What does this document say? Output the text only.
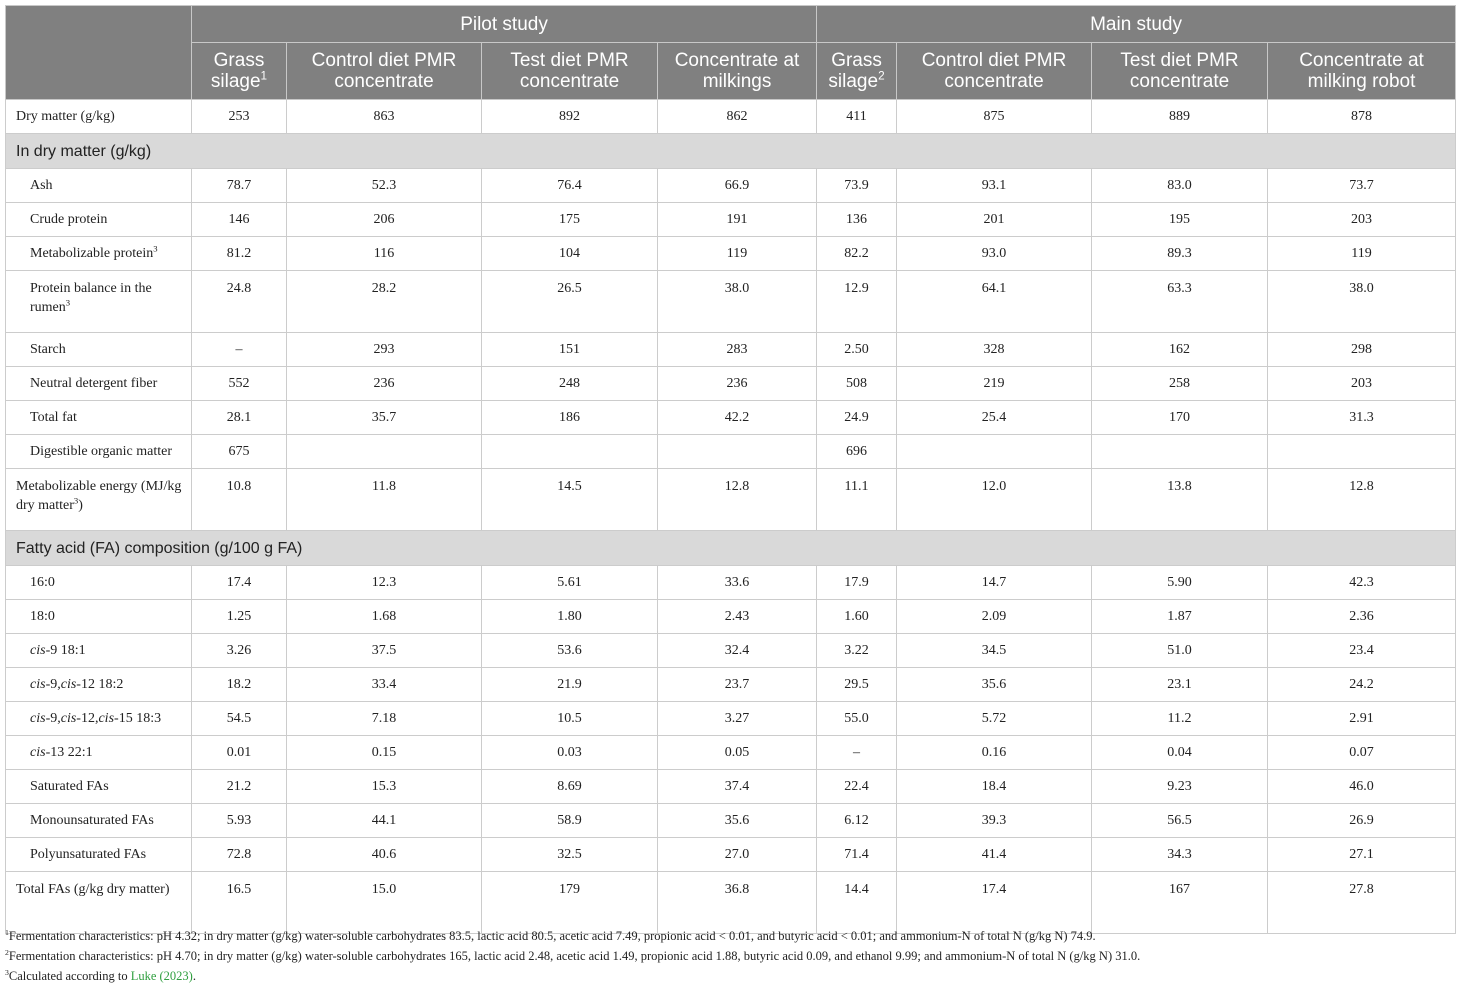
	Pilot study				Main study			
	Grass silage$^1$	Control diet PMR concentrate	Test diet PMR concentrate	Concentrate at milkings	Grass silage$^2$	Control diet PMR concentrate	Test diet PMR concentrate	Concentrate at milking robot
Dry matter (g/kg)	253	863	892	862	411	875	889	878
In dry matter (g/kg)								
Ash	78.7	52.3	76.4	66.9	73.9	93.1	83.0	73.7
Crude protein	146	206	175	191	136	201	195	203
Metabolizable protein$^3$	81.2	116	104	119	82.2	93.0	89.3	119
Protein balance in the rumen$^3$	24.8	28.2	26.5	38.0	12.9	64.1	63.3	38.0
Starch	–	293	151	283	2.50	328	162	298
Neutral detergent fiber	552	236	248	236	508	219	258	203
Total fat	28.1	35.7	186	42.2	24.9	25.4	170	31.3
Digestible organic matter	675				696			
Metabolizable energy (MJ/kg dry matter$^3$)	10.8	11.8	14.5	12.8	11.1	12.0	13.8	12.8
Fatty acid (FA) composition (g/100 g FA)								
16:0	17.4	12.3	5.61	33.6	17.9	14.7	5.90	42.3
18:0	1.25	1.68	1.80	2.43	1.60	2.09	1.87	2.36
cis-9 18:1	3.26	37.5	53.6	32.4	3.22	34.5	51.0	23.4
cis-9,cis-12 18:2	18.2	33.4	21.9	23.7	29.5	35.6	23.1	24.2
cis-9,cis-12,cis-15 18:3	54.5	7.18	10.5	3.27	55.0	5.72	11.2	2.91
cis-13 22:1	0.01	0.15	0.03	0.05	–	0.16	0.04	0.07
Saturated FAs	21.2	15.3	8.69	37.4	22.4	18.4	9.23	46.0
Monounsaturated FAs	5.93	44.1	58.9	35.6	6.12	39.3	56.5	26.9
Polyunsaturated FAs	72.8	40.6	32.5	27.0	71.4	41.4	34.3	27.1
Total FAs (g/kg dry matter)	16.5	15.0	179	36.8	14.4	17.4	167	27.8
$^1$Fermentation characteristics: pH 4.32; in dry matter (g/kg) water-soluble carbohydrates 83.5, lactic acid 80.5, acetic acid 7.49, propionic acid < 0.01, and butyric acid < 0.01; and ammonium-N of total N (g/kg N) 74.9.
$^2$Fermentation characteristics: pH 4.70; in dry matter (g/kg) water-soluble carbohydrates 165, lactic acid 2.48, acetic acid 1.49, propionic acid 1.88, butyric acid 0.09, and ethanol 9.99; and ammonium-N of total N (g/kg N) 31.0.
$^3$Calculated according to Luke (2023).
